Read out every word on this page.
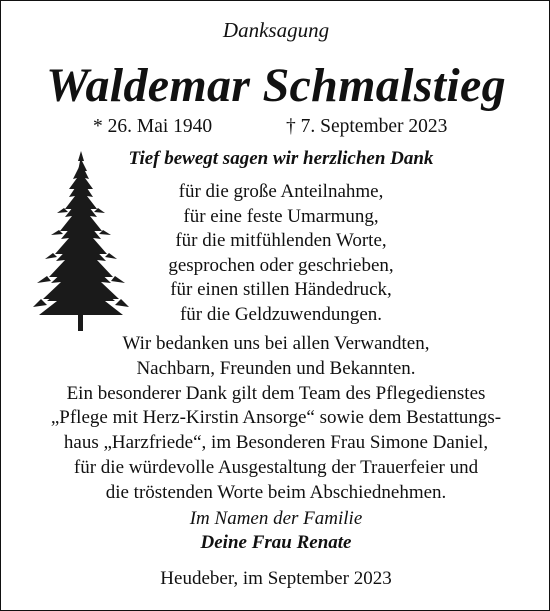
Danksagung
Waldemar Schmalstieg
* 26. Mai 1940	† 7. September 2023
Tief bewegt sagen wir herzlichen Dank
für die große Anteilnahme,
für eine feste Umarmung,
für die mitfühlenden Worte,
gesprochen oder geschrieben,
für einen stillen Händedruck,
für die Geldzuwendungen.
Wir bedanken uns bei allen Verwandten,
Nachbarn, Freunden und Bekannten.
Ein besonderer Dank gilt dem Team des Pflegedienstes
„Pflege mit Herz-Kirstin Ansorge“ sowie dem Bestattungs-
haus „Harzfriede“, im Besonderen Frau Simone Daniel,
für die würdevolle Ausgestaltung der Trauerfeier und
die tröstenden Worte beim Abschiednehmen.
Im Namen der Familie
Deine Frau Renate
Heudeber, im September 2023
